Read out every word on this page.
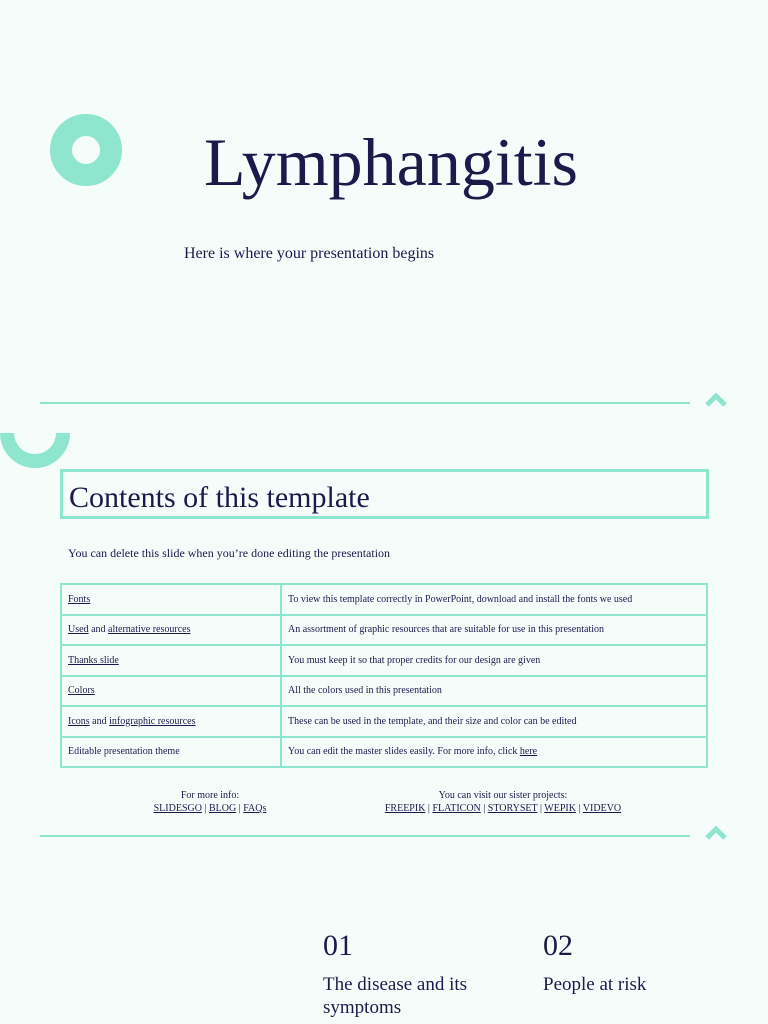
Lymphangitis
Here is where your presentation begins
Contents of this template
You can delete this slide when you’re done editing the presentation
Fonts	To view this template correctly in PowerPoint, download and install the fonts we used
Used and alternative resources	An assortment of graphic resources that are suitable for use in this presentation
Thanks slide	You must keep it so that proper credits for our design are given
Colors	All the colors used in this presentation
Icons and infographic resources	These can be used in the template, and their size and color can be edited
Editable presentation theme	You can edit the master slides easily. For more info, click here
For more info:
SLIDESGO | BLOG | FAQs
You can visit our sister projects:
FREEPIK | FLATICON | STORYSET | WEPIK | VIDEVO
01
The disease and its symptoms
02
People at risk
